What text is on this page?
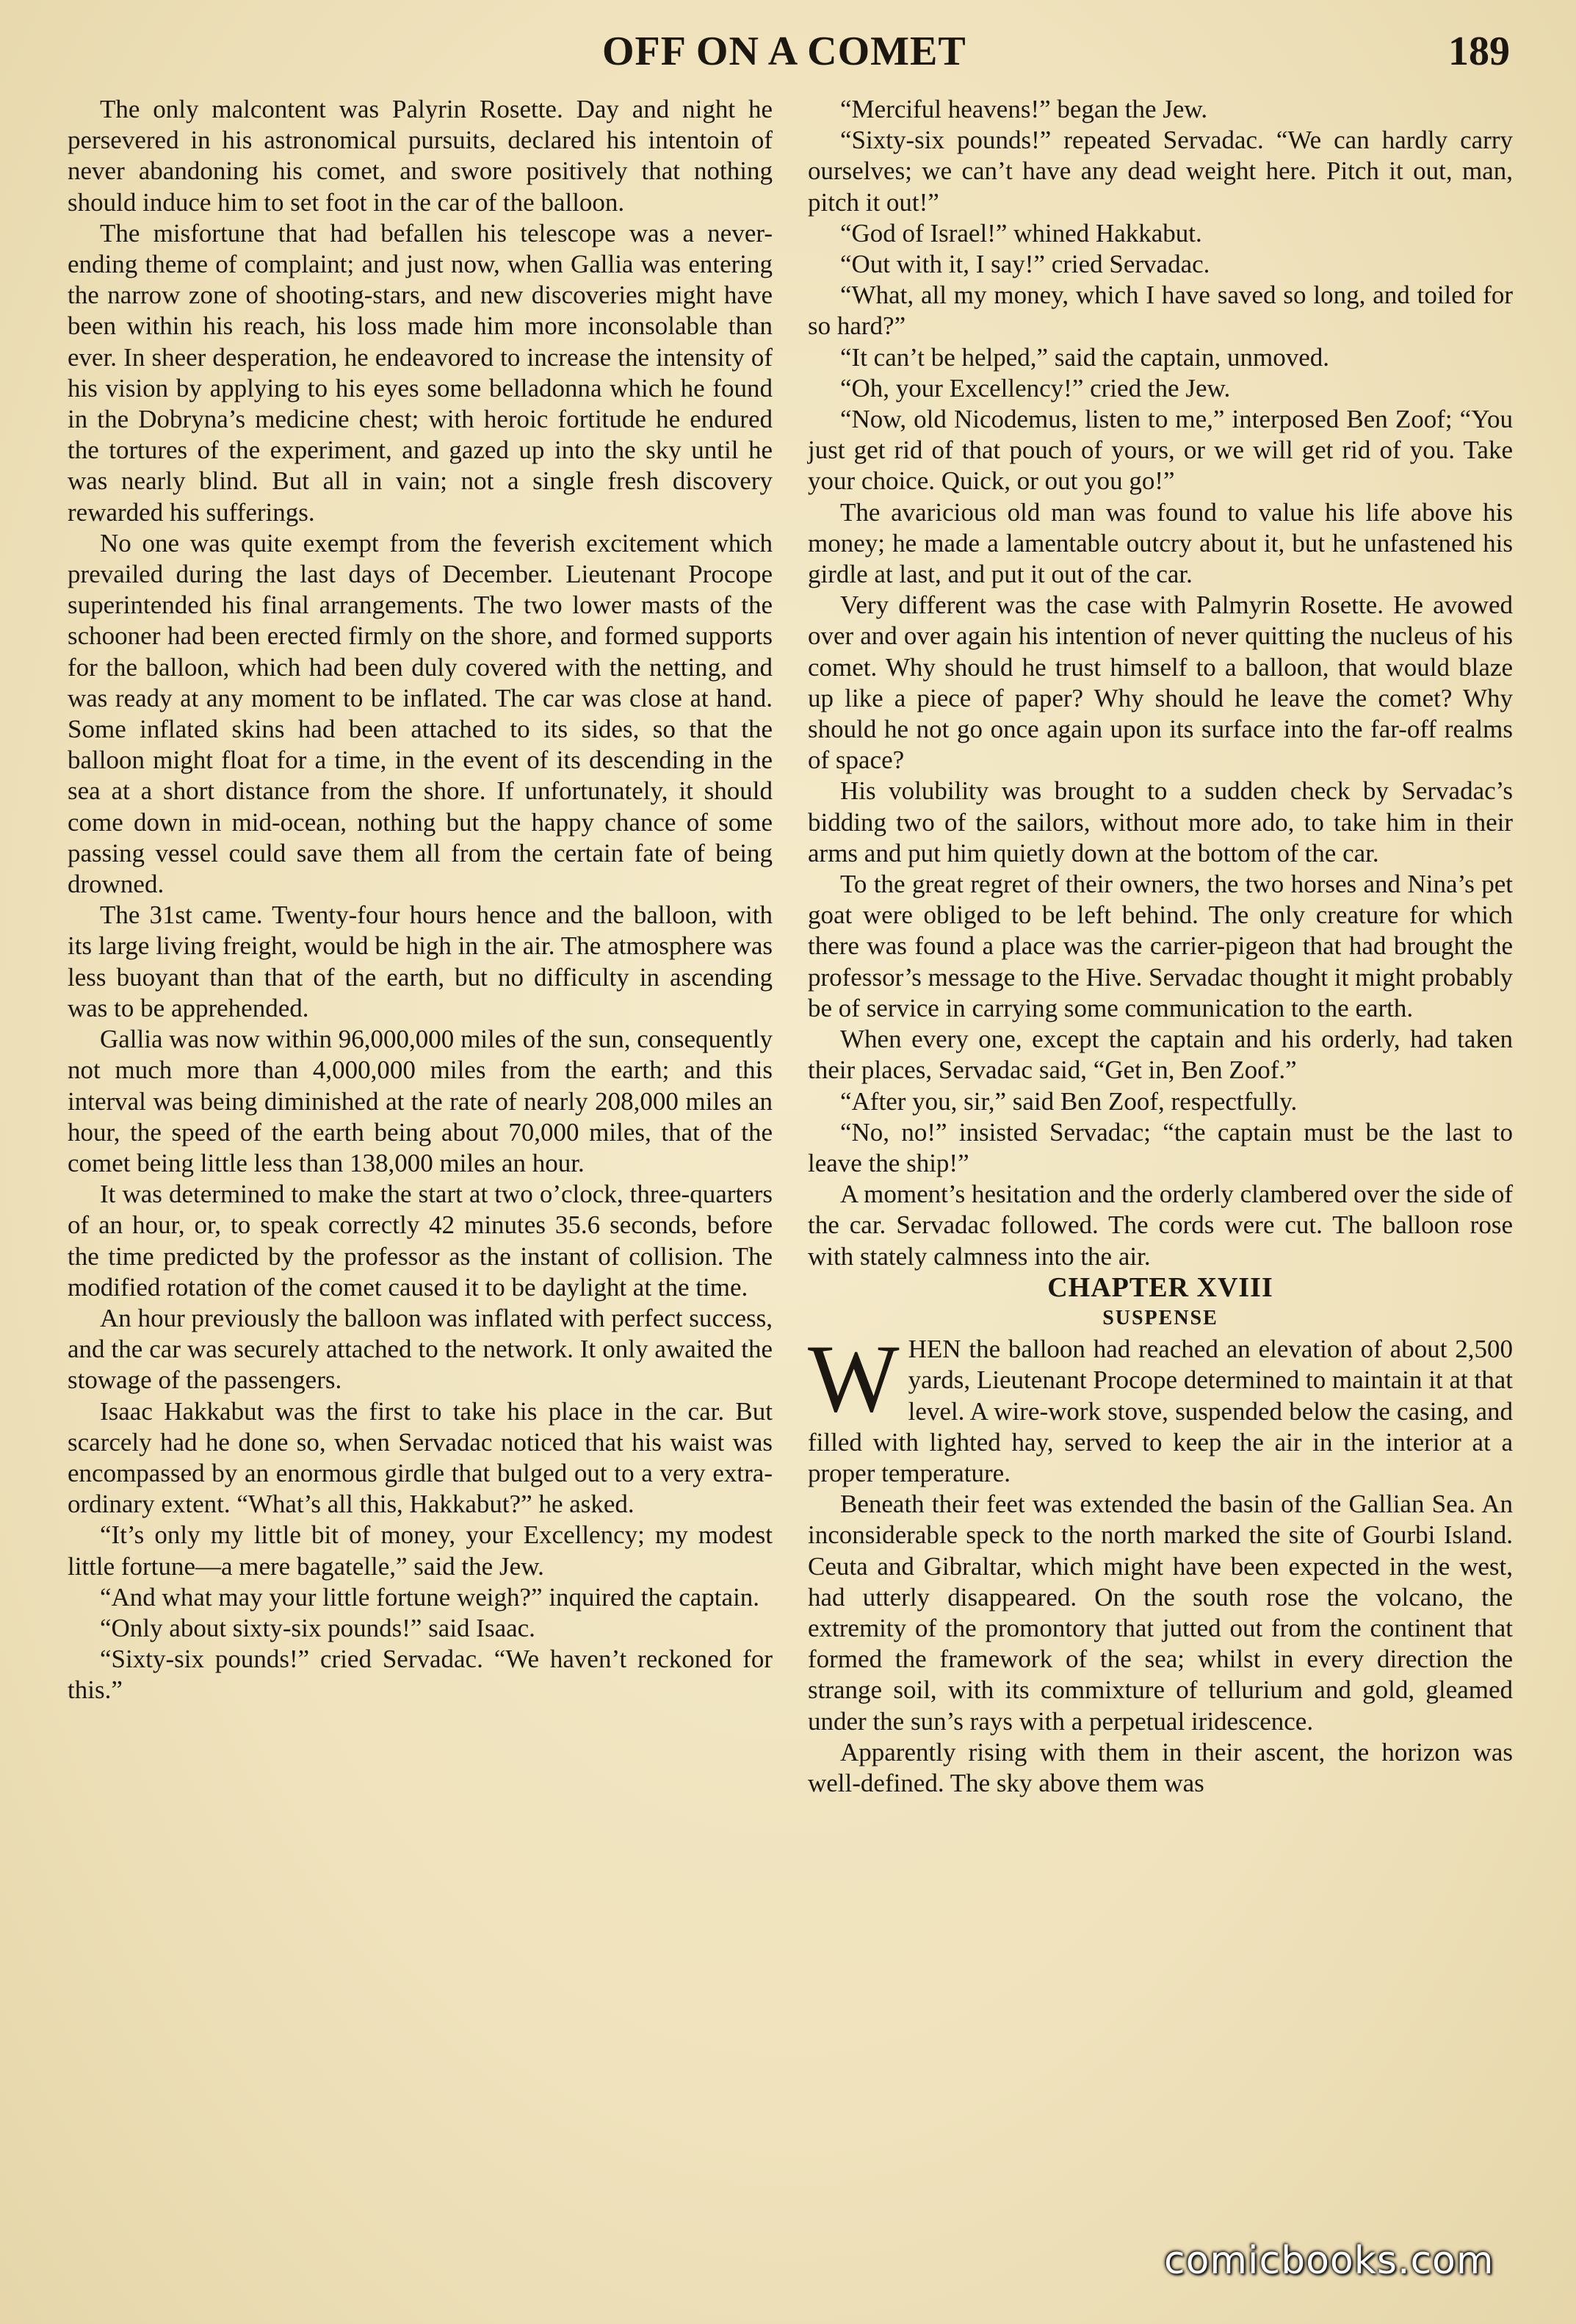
OFF ON A COMET	189

The only malcontent was Palyrin Rosette. Day and night he persevered in his astronomical pursuits, declared his intentoin of never abandoning his comet, and swore positively that nothing should induce him to set foot in the car of the balloon.

The misfortune that had befallen his telescope was a never-ending theme of complaint; and just now, when Gallia was entering the narrow zone of shooting-stars, and new discoveries might have been within his reach, his loss made him more inconsolable than ever. In sheer desperation, he endeavored to increase the intensity of his vision by applying to his eyes some belladonna which he found in the Dobryna’s medicine chest; with heroic fortitude he endured the tortures of the experiment, and gazed up into the sky until he was nearly blind. But all in vain; not a single fresh discovery rewarded his sufferings.

No one was quite exempt from the feverish excitement which prevailed during the last days of December. Lieutenant Procope superintended his final arrangements. The two lower masts of the schooner had been erected firmly on the shore, and formed supports for the balloon, which had been duly covered with the netting, and was ready at any moment to be inflated. The car was close at hand. Some inflated skins had been attached to its sides, so that the balloon might float for a time, in the event of its descending in the sea at a short distance from the shore. If unfortunately, it should come down in mid-ocean, nothing but the happy chance of some passing vessel could save them all from the certain fate of being drowned.

The 31st came. Twenty-four hours hence and the balloon, with its large living freight, would be high in the air. The atmosphere was less buoyant than that of the earth, but no difficulty in ascending was to be apprehended.

Gallia was now within 96,000,000 miles of the sun, consequently not much more than 4,000,000 miles from the earth; and this interval was being diminished at the rate of nearly 208,000 miles an hour, the speed of the earth being about 70,000 miles, that of the comet being little less than 138,000 miles an hour.

It was determined to make the start at two o’clock, three-quarters of an hour, or, to speak correctly 42 minutes 35.6 seconds, before the time predicted by the professor as the instant of collision. The modified rotation of the comet caused it to be daylight at the time.

An hour previously the balloon was inflated with perfect success, and the car was securely attached to the network. It only awaited the stowage of the passengers.

Isaac Hakkabut was the first to take his place in the car. But scarcely had he done so, when Servadac noticed that his waist was encompassed by an enormous girdle that bulged out to a very extraordinary extent. “What’s all this, Hakkabut?” he asked.

“It’s only my little bit of money, your Excellency; my modest little fortune—a mere bagatelle,” said the Jew.

“And what may your little fortune weigh?” inquired the captain.

“Only about sixty-six pounds!” said Isaac.

“Sixty-six pounds!” cried Servadac. “We haven’t reckoned for this.”

“Merciful heavens!” began the Jew.

“Sixty-six pounds!” repeated Servadac. “We can hardly carry ourselves; we can’t have any dead weight here. Pitch it out, man, pitch it out!”

“God of Israel!” whined Hakkabut.

“Out with it, I say!” cried Servadac.

“What, all my money, which I have saved so long, and toiled for so hard?”

“It can’t be helped,” said the captain, unmoved.

“Oh, your Excellency!” cried the Jew.

“Now, old Nicodemus, listen to me,” interposed Ben Zoof; “You just get rid of that pouch of yours, or we will get rid of you. Take your choice. Quick, or out you go!”

The avaricious old man was found to value his life above his money; he made a lamentable outcry about it, but he unfastened his girdle at last, and put it out of the car.

Very different was the case with Palmyrin Rosette. He avowed over and over again his intention of never quitting the nucleus of his comet. Why should he trust himself to a balloon, that would blaze up like a piece of paper? Why should he leave the comet? Why should he not go once again upon its surface into the far-off realms of space?

His volubility was brought to a sudden check by Servadac’s bidding two of the sailors, without more ado, to take him in their arms and put him quietly down at the bottom of the car.

To the great regret of their owners, the two horses and Nina’s pet goat were obliged to be left behind. The only creature for which there was found a place was the carrier-pigeon that had brought the professor’s message to the Hive. Servadac thought it might probably be of service in carrying some communication to the earth.

When every one, except the captain and his orderly, had taken their places, Servadac said, “Get in, Ben Zoof.”

“After you, sir,” said Ben Zoof, respectfully.

“No, no!” insisted Servadac; “the captain must be the last to leave the ship!”

A moment’s hesitation and the orderly clambered over the side of the car. Servadac followed. The cords were cut. The balloon rose with stately calmness into the air.

CHAPTER XVIII

SUSPENSE

WHEN the balloon had reached an elevation of about 2,500 yards, Lieutenant Procope determined to maintain it at that level. A wire-work stove, suspended below the casing, and filled with lighted hay, served to keep the air in the interior at a proper temperature.

Beneath their feet was extended the basin of the Gallian Sea. An inconsiderable speck to the north marked the site of Gourbi Island. Ceuta and Gibraltar, which might have been expected in the west, had utterly disappeared. On the south rose the volcano, the extremity of the promontory that jutted out from the continent that formed the framework of the sea; whilst in every direction the strange soil, with its commixture of tellurium and gold, gleamed under the sun’s rays with a perpetual iridescence.

Apparently rising with them in their ascent, the horizon was well-defined. The sky above them was

comicbooks.com
